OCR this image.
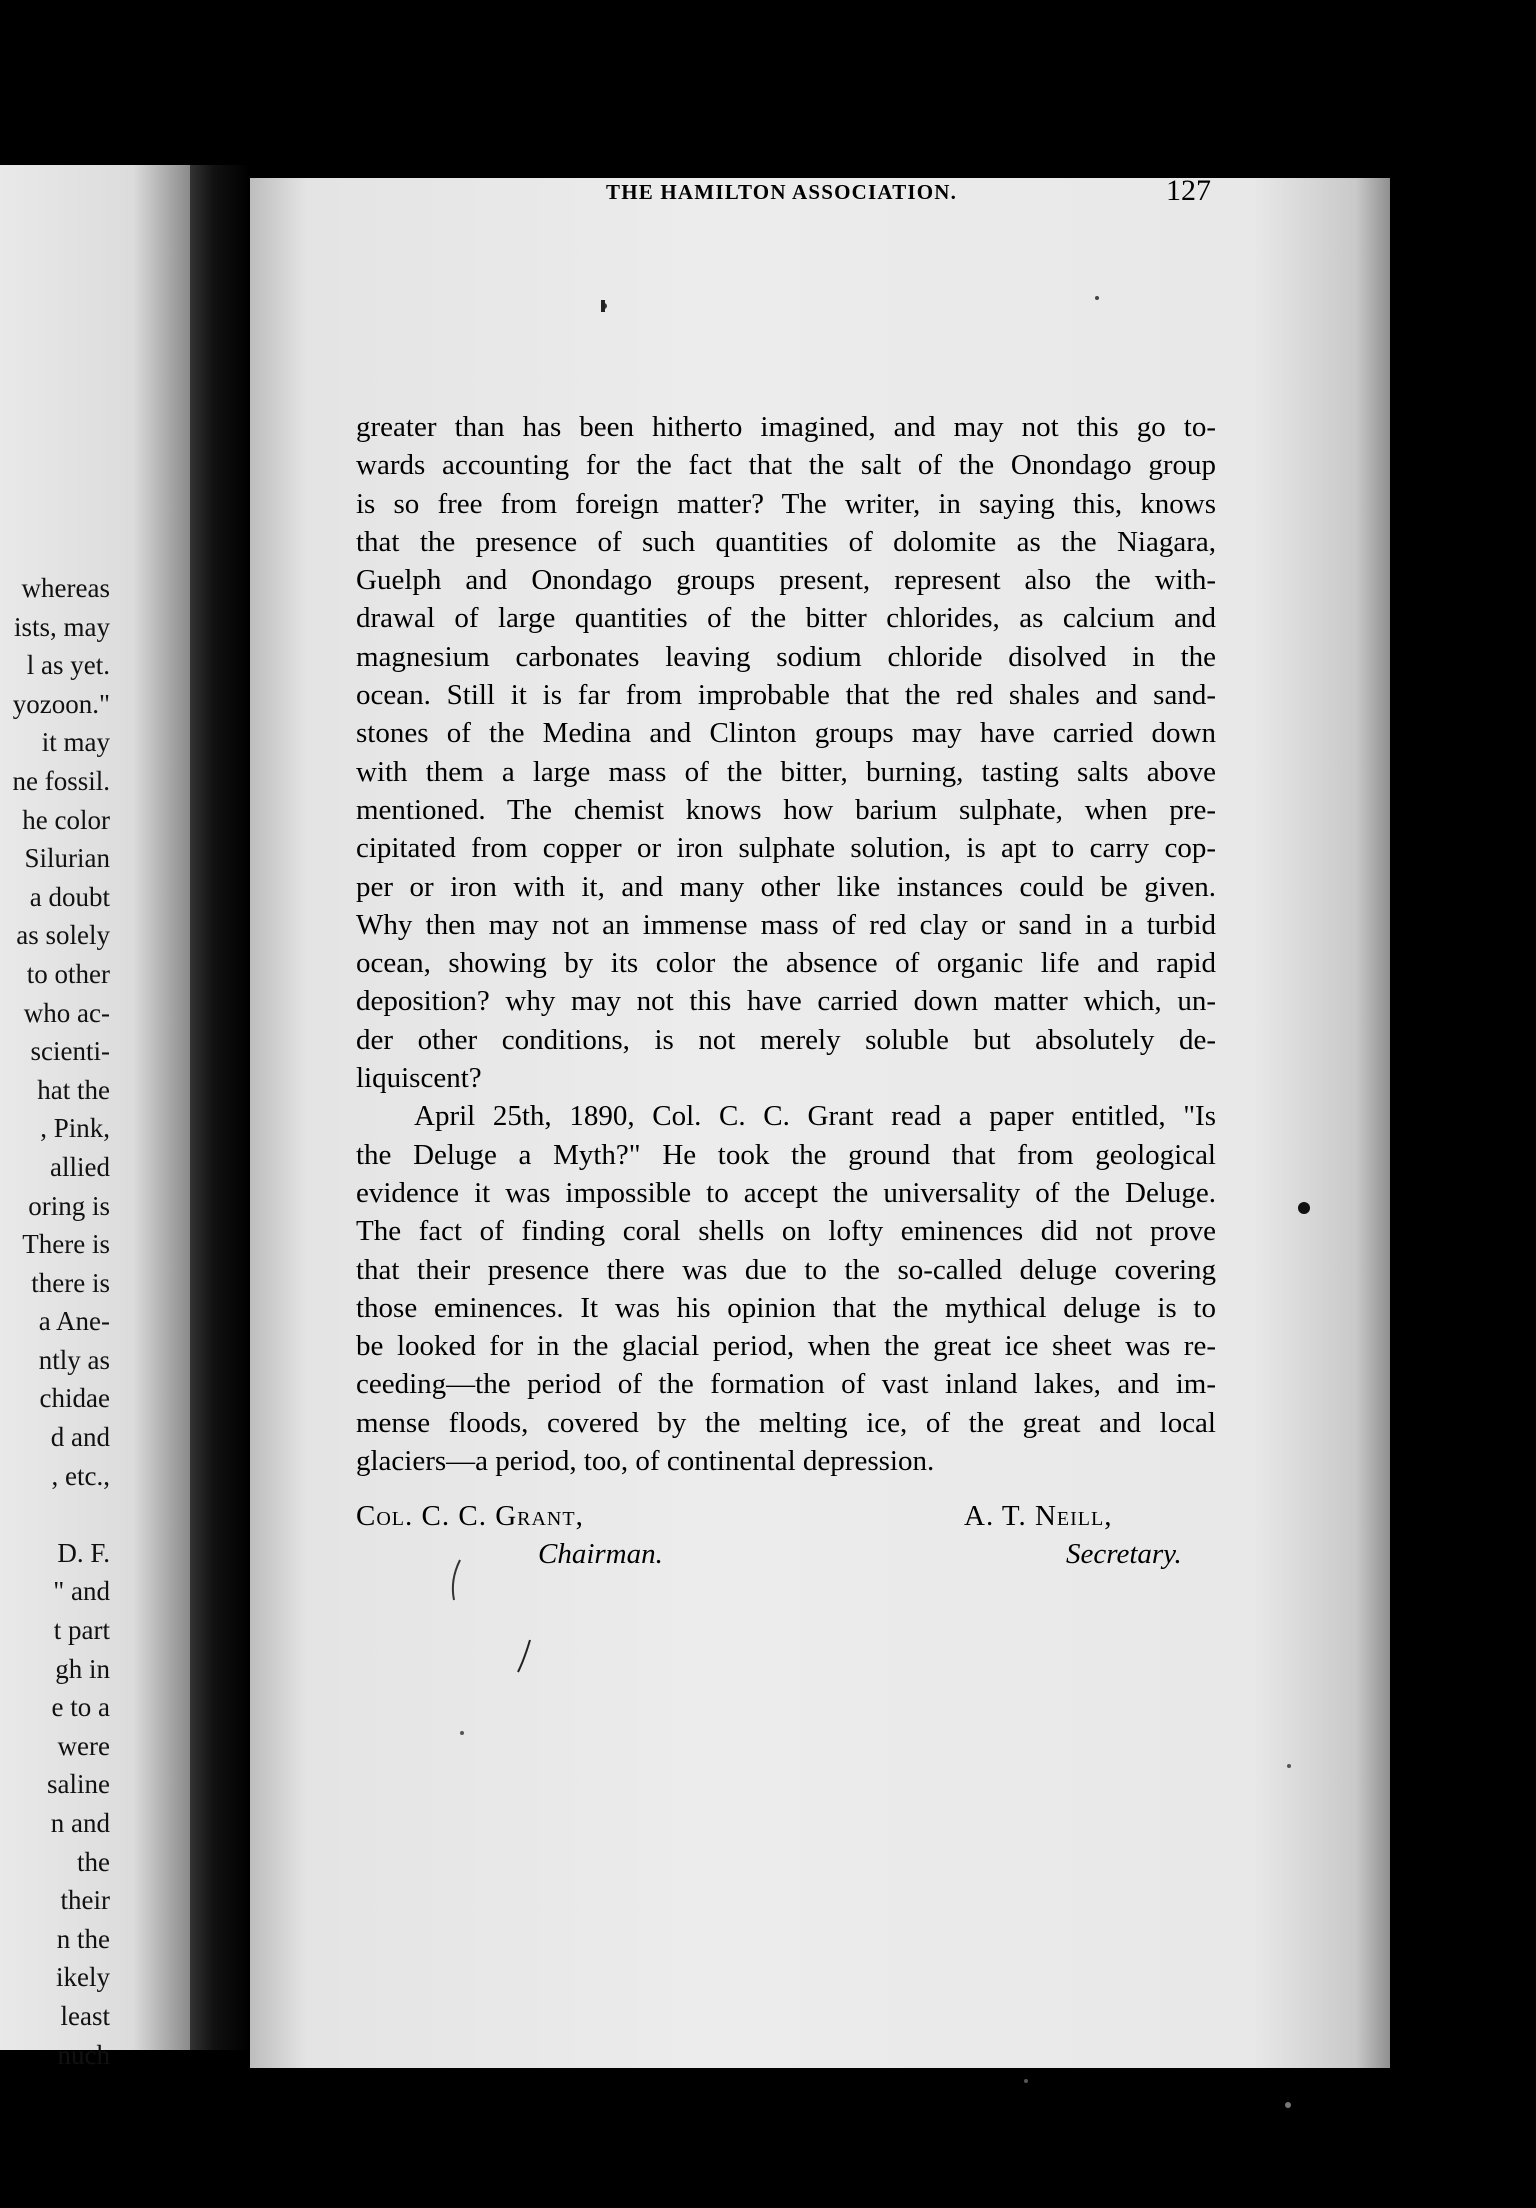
whereas
ists, may
l as yet.
yozoon."
it may
ne fossil.
he color
Silurian
a doubt
as solely
to other
who ac-
scienti-
hat the
, Pink,
allied
oring is
There is
there is
a Ane-
ntly as
chidae
d and
, etc.,
D. F.
" and
t part
gh in
e to a
were
saline
n and
the
their
n the
ikely
least
nuch
THE HAMILTON ASSOCIATION.	127
greater than has been hitherto imagined, and may not this go to-
wards accounting for the fact that the salt of the Onondago group
is so free from foreign matter? The writer, in saying this, knows
that the presence of such quantities of dolomite as the Niagara,
Guelph and Onondago groups present, represent also the with-
drawal of large quantities of the bitter chlorides, as calcium and
magnesium carbonates leaving sodium chloride disolved in the
ocean. Still it is far from improbable that the red shales and sand-
stones of the Medina and Clinton groups may have carried down
with them a large mass of the bitter, burning, tasting salts above
mentioned. The chemist knows how barium sulphate, when pre-
cipitated from copper or iron sulphate solution, is apt to carry cop-
per or iron with it, and many other like instances could be given.
Why then may not an immense mass of red clay or sand in a turbid
ocean, showing by its color the absence of organic life and rapid
deposition? why may not this have carried down matter which, un-
der other conditions, is not merely soluble but absolutely de-
liquiscent?
April 25th, 1890, Col. C. C. Grant read a paper entitled, "Is
the Deluge a Myth?" He took the ground that from geological
evidence it was impossible to accept the universality of the Deluge.
The fact of finding coral shells on lofty eminences did not prove
that their presence there was due to the so-called deluge covering
those eminences. It was his opinion that the mythical deluge is to
be looked for in the glacial period, when the great ice sheet was re-
ceeding—the period of the formation of vast inland lakes, and im-
mense floods, covered by the melting ice, of the great and local
glaciers—a period, too, of continental depression.
Col. C. C. Grant,
Chairman.
A. T. Neill,
Secretary.
